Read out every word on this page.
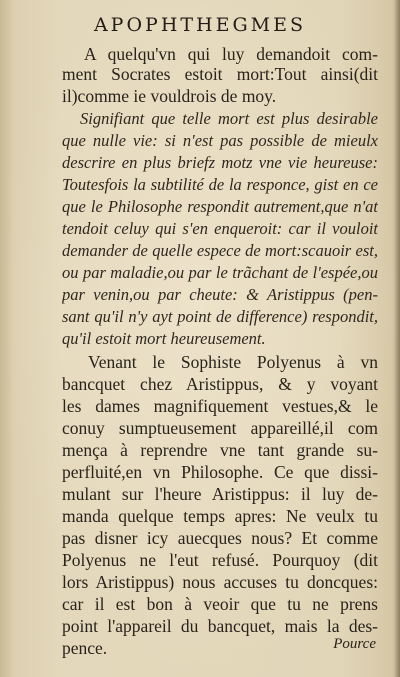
APOPHTHEGMES
A quelqu'vn qui luy demandoit com-
ment Socrates estoit mort:Tout ainsi(dit
il)comme ie vouldrois de moy.
Signifiant que telle mort est plus desirable
que nulle vie: si n'est pas possible de mieulx
descrire en plus briefz motz vne vie heureuse:
Toutesfois la subtilité de la responce, gist en ce
que le Philosophe respondit autrement,que n'at
tendoit celuy qui s'en enqueroit: car il vouloit
demander de quelle espece de mort:scauoir est,
ou par maladie,ou par le trãchant de l'espée,ou
par venin,ou par cheute: & Aristippus (pen-
sant qu'il n'y ayt point de difference) respondit,
qu'il estoit mort heureusement.
Venant le Sophiste Polyenus à vn
bancquet chez Aristippus, & y voyant
les dames magnifiquement vestues,& le
conuy sumptueusement appareillé,il com
mença à reprendre vne tant grande su-
perfluité,en vn Philosophe. Ce que dissi-
mulant sur l'heure Aristippus: il luy de-
manda quelque temps apres: Ne veulx tu
pas disner icy auecques nous? Et comme
Polyenus ne l'eut refusé. Pourquoy (dit
lors Aristippus) nous accuses tu doncques:
car il est bon à veoir que tu ne prens
point l'appareil du bancquet, mais la des-
pence.	Pource
